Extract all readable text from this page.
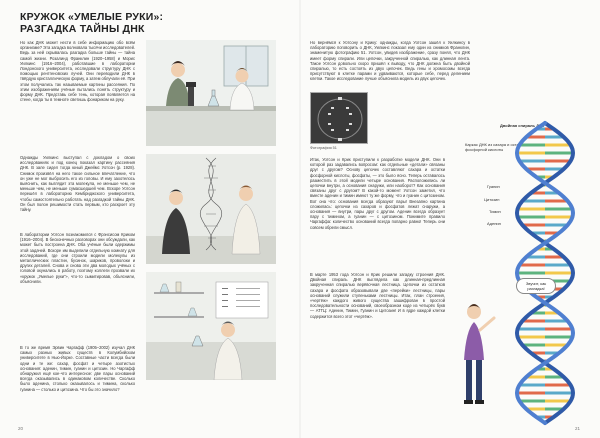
КРУЖОК «УМЕЛЫЕ РУКИ»:
РАЗГАДКА ТАЙНЫ ДНК

Но как ДНК может нести в себе информацию обо всём организме? Эта загадка волновала тысячи исследователей. Ведь за ней скрывалась разгадка больше тайны — тайна самой жизни. Розалинд Франклин (1920–1958) и Морис Уилкинс (1916–2004), работавшие в лаборатории Лондонского университета, исследовали структуру ДНК с помощью рентгеновских лучей. Они переводили ДНК в твёрдую кристаллическую форму, а затем облучали её. При этом получались так называемые картины рассеяния. По этим изображениям учёные пытались понять структуру и форму ДНК. Представь себе тень, которая появляется на стене, когда ты в темноте светишь фонариком на руку.

Однажды Уилкинс выступал с докладом о своих исследованиях и под конец показал картину рассеяния ДНК. В зале сидел тогда юный Джеймс Уотсон (р. 1928). Снимок произвёл на него такое сильное впечатление, что он уже не мог выбросить его из головы. И ему захотелось выяснить, как выглядит эта молекула, не меньше чем, не меньше чем, не меньше сумасшедшей чем. Вскоре Уотсон перешёл в лабораторию Кембриджского университета, чтобы самостоятельно работать над разгадкой тайны ДНК. Он был полон решимости стать первым, кто раскроет эту тайну.

В лаборатории Уотсон познакомился с Фрэнсисом Криком (1916–2004). В бесконечных разговорах они обсуждали, как может быть построена ДНК. Оба учёные были одержимы этой задачей. Вскоре им выделили отдельную комнату для исследований, где они строили модели молекулы из металлических пластин, бусинок, шариков, проволоки и других деталей. Снова и снова эти два молодых учёных с головой окунались в работу, поэтому коллеги прозвали их «кружок „Умелые руки“», что-то сымитировав, объяснили, объяснили.

В то же время Эрвин Чаргафф (1905–2002) изучал ДНК самых разных живых существ в Колумбийском университете в Нью-Йорке. Составные части всегда были одни и те же: сахар, фосфат и четыре азотистых основания: аденин, тимин, гуанин и цитозин. Но Чаргафф обнаружил ещё кое-что интересное: две пары оснований всегда оказывались в одинаковом количестве. Сколько было аденина, столько оказывалось и тимина, сколько гуанина — столько и цитозина. Что бы это значило?

Но вернёмся к Уотсону и Крику: однажды, когда Уотсон зашёл к Уилкинсу в лабораторию поговорить о ДНК, Уилкинс показал ему один из снимков Франклин, знаменитую фотографию 51. Уотсон, увидев изображение, сразу понял, что ДНК имеет форму спирали. Или цепочки, закрученной спиралью, как длинная лента. Такое Уотсон довольно скоро пришёл к выводу, что ДНК должна быть двойной спиралью, то есть состоять из двух цепочек. Ведь гены и хромосомы всегда присутствуют в клетке парами и удваиваются, которые себе, перед делением клетки. Такое исследование лучше объяснила модель из двух цепочек.

Фотография 51

Итак, Уотсон и Крик приступили к разработке модели ДНК. Они в которой раз задавались вопросом: как отдельные «детали» связаны друг с другом? Основу цепочек составляют сахара и остатки фосфорной кислоты, фосфаты, — это было ясно. Теперь оставалось разместить в этой модели четыре основания. Расположились ли цепочки внутри, а основания снаружи, или наоборот? Как основания связаны друг с другом? В какой-то момент Уотсон заметил, что вместе аденин и тимин имеют ту же форму, что и гуанин с цитозином. Вот она что: основания всегда образуют пары! Внезапно картина сложилась: цепочки из сахаров и фосфатов лежат снаружи, а основания — внутри, пары друг с другом. Аденин всегда образует пару с тимином, а гуанин — с цитозином. Понимите правило Чаргаффа: количество оснований всегда попарно равно! Теперь они совсем обрели смысл.

В марте 1953 года Уотсон и Крик решили загадку строения ДНК. Двойная спираль ДНК выглядела как длинная-предлинная закрученная спиралью верёвочная лестница. Цепочки из остатков сахара и фосфата образовывали две «перейки» лестницы, пары оснований служили ступеньками лестницы. Итак, план строения, «чертёж» каждого живого существа зашифрован в простой последовательности оснований, своеобразном коде из четырёх букв — ATГЦ: Аденин, Тимин, Гуанин и Цитозин! И в ядре каждой клетки содержится всего этот «чертёж».

Двойная спираль ДНК
Каркас ДНК из сахара и остатков фосфорной кислоты
Гуанин
Цитозин
Тимин
Аденин
Звучит, как разгадка!
20	21
